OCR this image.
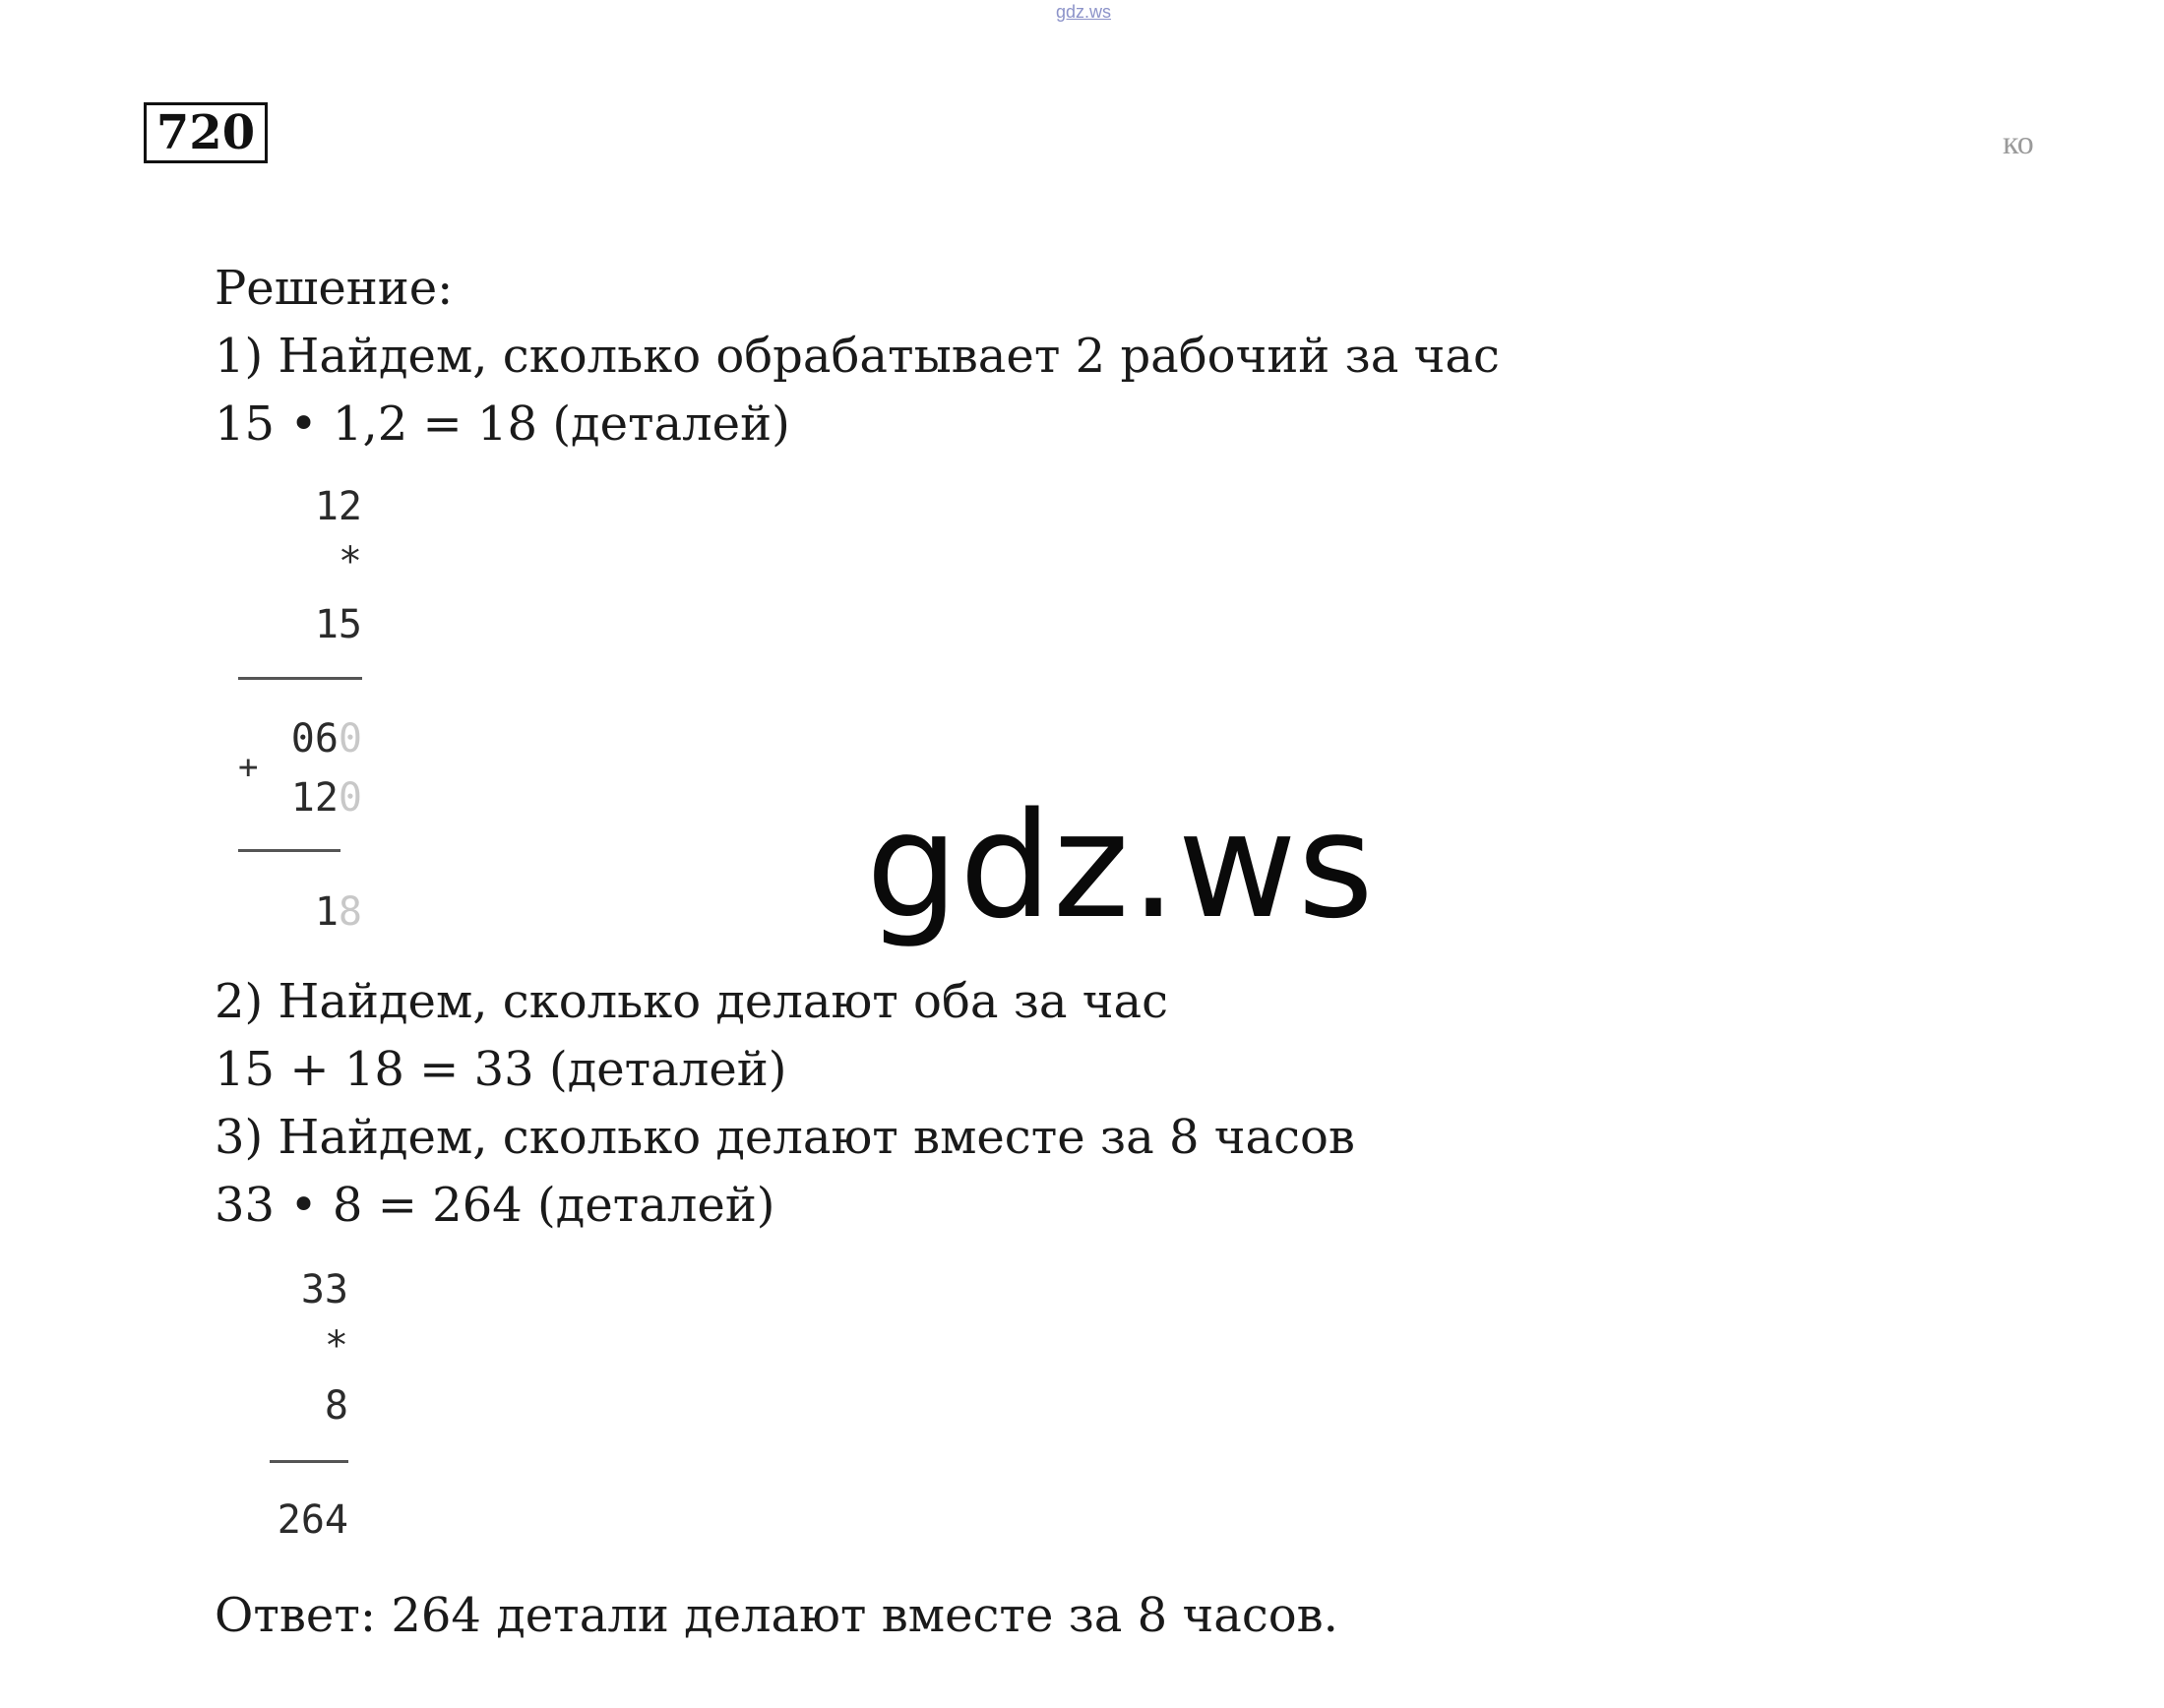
gdz.ws
720	ко
Решение:
1) Найдем, сколько обрабатывает 2 рабочий за час
15 • 1,2 = 18 (деталей)
12
*
15
060
+
120
18	gdz.ws
2) Найдем, сколько делают оба за час
15 + 18 = 33 (деталей)
3) Найдем, сколько делают вместе за 8 часов
33 • 8 = 264 (деталей)
33
*
8
264
Ответ: 264 детали делают вместе за 8 часов.
